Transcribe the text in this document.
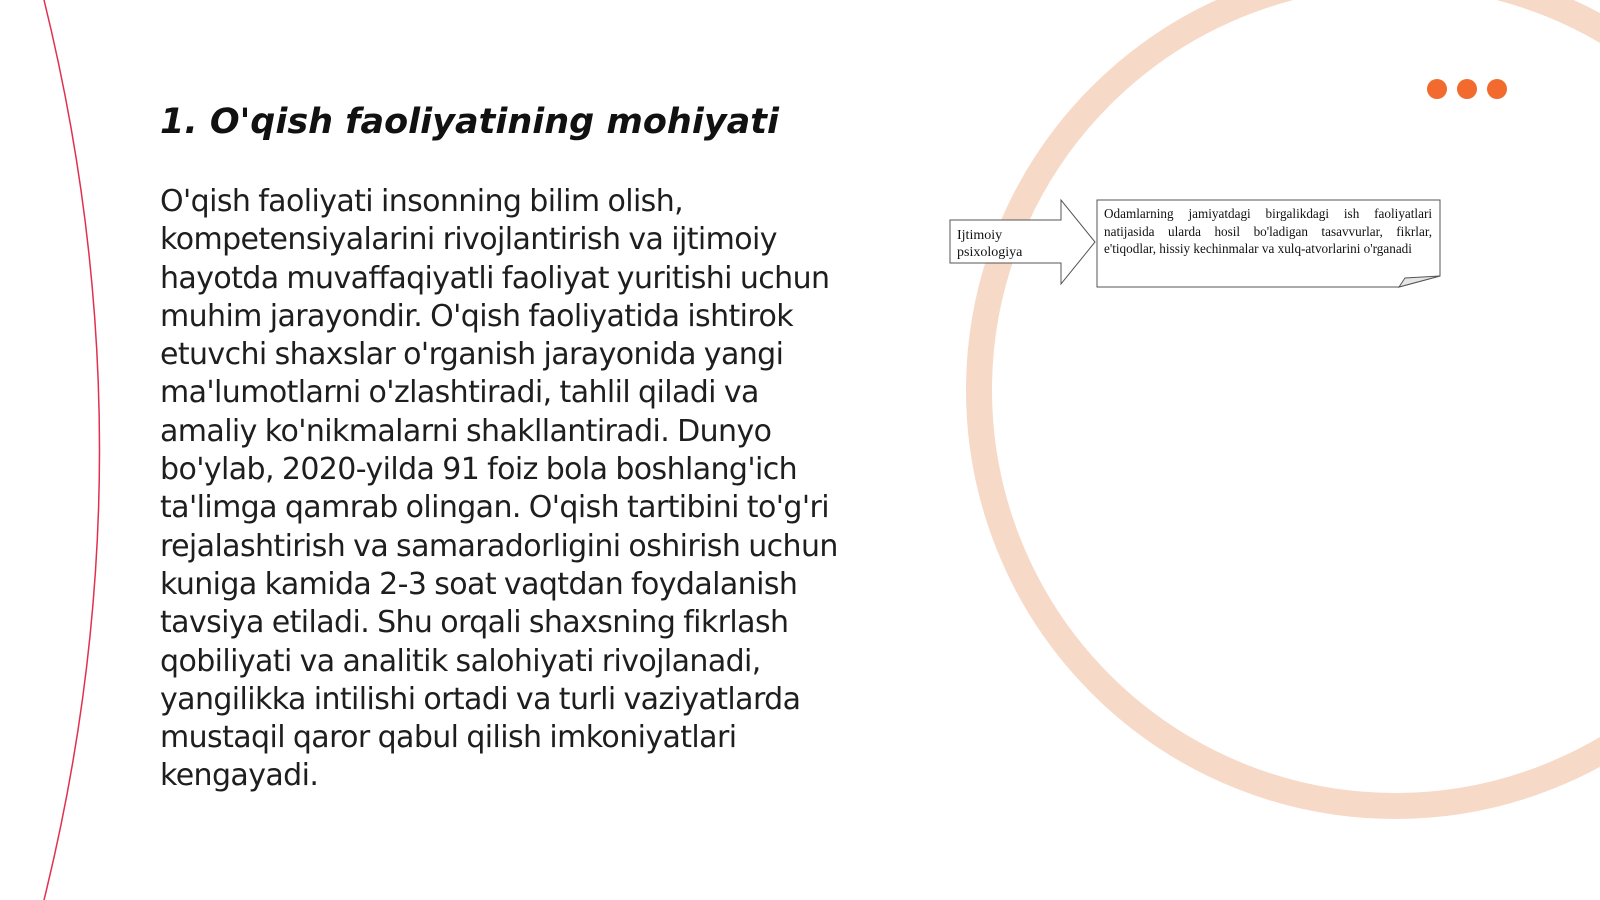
1. O'qish faoliyatining mohiyati

O'qish faoliyati insonning bilim olish, kompetensiyalarini rivojlantirish va ijtimoiy hayotda muvaffaqiyatli faoliyat yuritishi uchun muhim jarayondir. O'qish faoliyatida ishtirok etuvchi shaxslar o'rganish jarayonida yangi ma'lumotlarni o'zlashtiradi, tahlil qiladi va amaliy ko'nikmalarni shakllantiradi. Dunyo bo'ylab, 2020-yilda 91 foiz bola boshlang'ich ta'limga qamrab olingan. O'qish tartibini to'g'ri rejalashtirish va samaradorligini oshirish uchun kuniga kamida 2-3 soat vaqtdan foydalanish tavsiya etiladi. Shu orqali shaxsning fikrlash qobiliyati va analitik salohiyati rivojlanadi, yangilikka intilishi ortadi va turli vaziyatlarda mustaqil qaror qabul qilish imkoniyatlari kengayadi.

Ijtimoiy psixologiya
Odamlarning jamiyatdagi birgalikdagi ish faoliyatlari natijasida ularda hosil bo'ladigan tasavvurlar, fikrlar, e'tiqodlar, hissiy kechinmalar va xulq-atvorlarini o'rganadi
